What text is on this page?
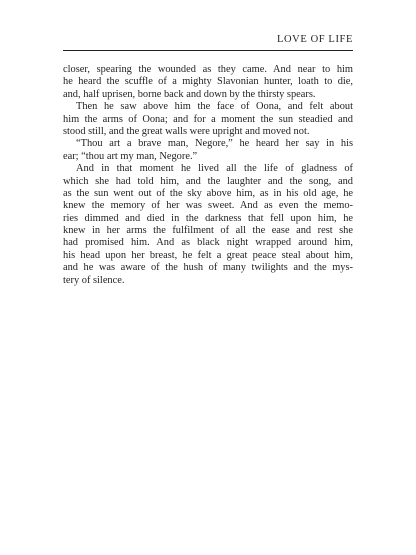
LOVE OF LIFE

closer, spearing the wounded as they came. And near to him
he heard the scuffle of a mighty Slavonian hunter, loath to die,
and, half uprisen, borne back and down by the thirsty spears.

Then he saw above him the face of Oona, and felt about
him the arms of Oona; and for a moment the sun steadied and
stood still, and the great walls were upright and moved not.

“Thou art a brave man, Negore,” he heard her say in his
ear; “thou art my man, Negore.”

And in that moment he lived all the life of gladness of
which she had told him, and the laughter and the song, and
as the sun went out of the sky above him, as in his old age, he
knew the memory of her was sweet. And as even the memo-
ries dimmed and died in the darkness that fell upon him, he
knew in her arms the fulfilment of all the ease and rest she
had promised him. And as black night wrapped around him,
his head upon her breast, he felt a great peace steal about him,
and he was aware of the hush of many twilights and the mys-
tery of silence.
